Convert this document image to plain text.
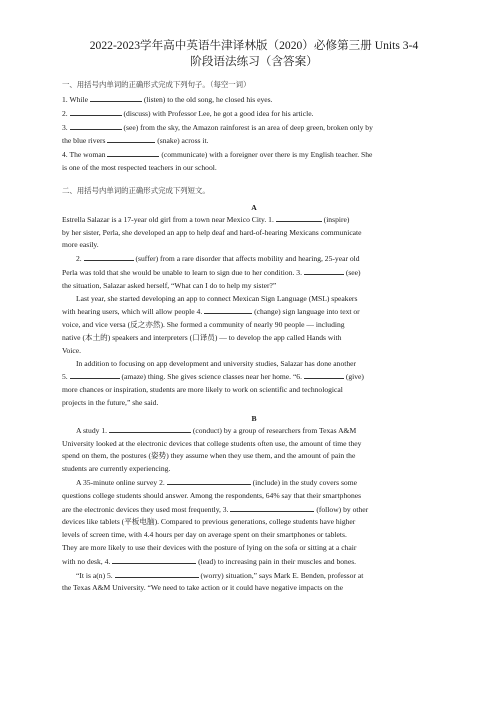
2022-2023学年高中英语牛津译林版（2020）必修第三册 Units 3-4

阶段语法练习（含答案）

一、用括号内单词的正确形式完成下列句子。（每空一词）

1. While	(listen) to the old song, he closed his eyes.

2.	(discuss) with Professor Lee, he got a good idea for his article.

3.	(see) from the sky, the Amazon rainforest is an area of deep green, broken only by
the blue rivers	(snake) across it.

4. The woman	(communicate) with a foreigner over there is my English teacher. She
is one of the most respected teachers in our school.

二、用括号内单词的正确形式完成下列短文。

A

Estrella Salazar is a 17-year old girl from a town near Mexico City. 1.	(inspire)

by her sister, Perla, she developed an app to help deaf and hard-of-hearing Mexicans communicate

more easily.

2.	(suffer) from a rare disorder that affects mobility and hearing, 25-year old

Perla was told that she would be unable to learn to sign due to her condition. 3.	(see)

the situation, Salazar asked herself, “What can I do to help my sister?”

Last year, she started developing an app to connect Mexican Sign Language (MSL) speakers

with hearing users, which will allow people 4.	(change) sign language into text or

voice, and vice versa (反之亦然). She formed a community of nearly 90 people — including

native (本土的) speakers and interpreters (口译员) — to develop the app called Hands with

Voice.

In addition to focusing on app development and university studies, Salazar has done another

5.	(amaze) thing. She gives science classes near her home. “6.	(give)

more chances or inspiration, students are more likely to work on scientific and technological

projects in the future,” she said.

B

A study 1.	(conduct) by a group of researchers from Texas A&M

University looked at the electronic devices that college students often use, the amount of time they

spend on them, the postures (姿势) they assume when they use them, and the amount of pain the

students are currently experiencing.

A 35-minute online survey 2.	(include) in the study covers some

questions college students should answer. Among the respondents, 64% say that their smartphones

are the electronic devices they used most frequently, 3.	(follow) by other

devices like tablets (平板电脑). Compared to previous generations, college students have higher

levels of screen time, with 4.4 hours per day on average spent on their smartphones or tablets.

They are more likely to use their devices with the posture of lying on the sofa or sitting at a chair

with no desk, 4.	(lead) to increasing pain in their muscles and bones.

“It is a(n) 5.	(worry) situation,” says Mark E. Benden, professor at

the Texas A&M University. “We need to take action or it could have negative impacts on the
